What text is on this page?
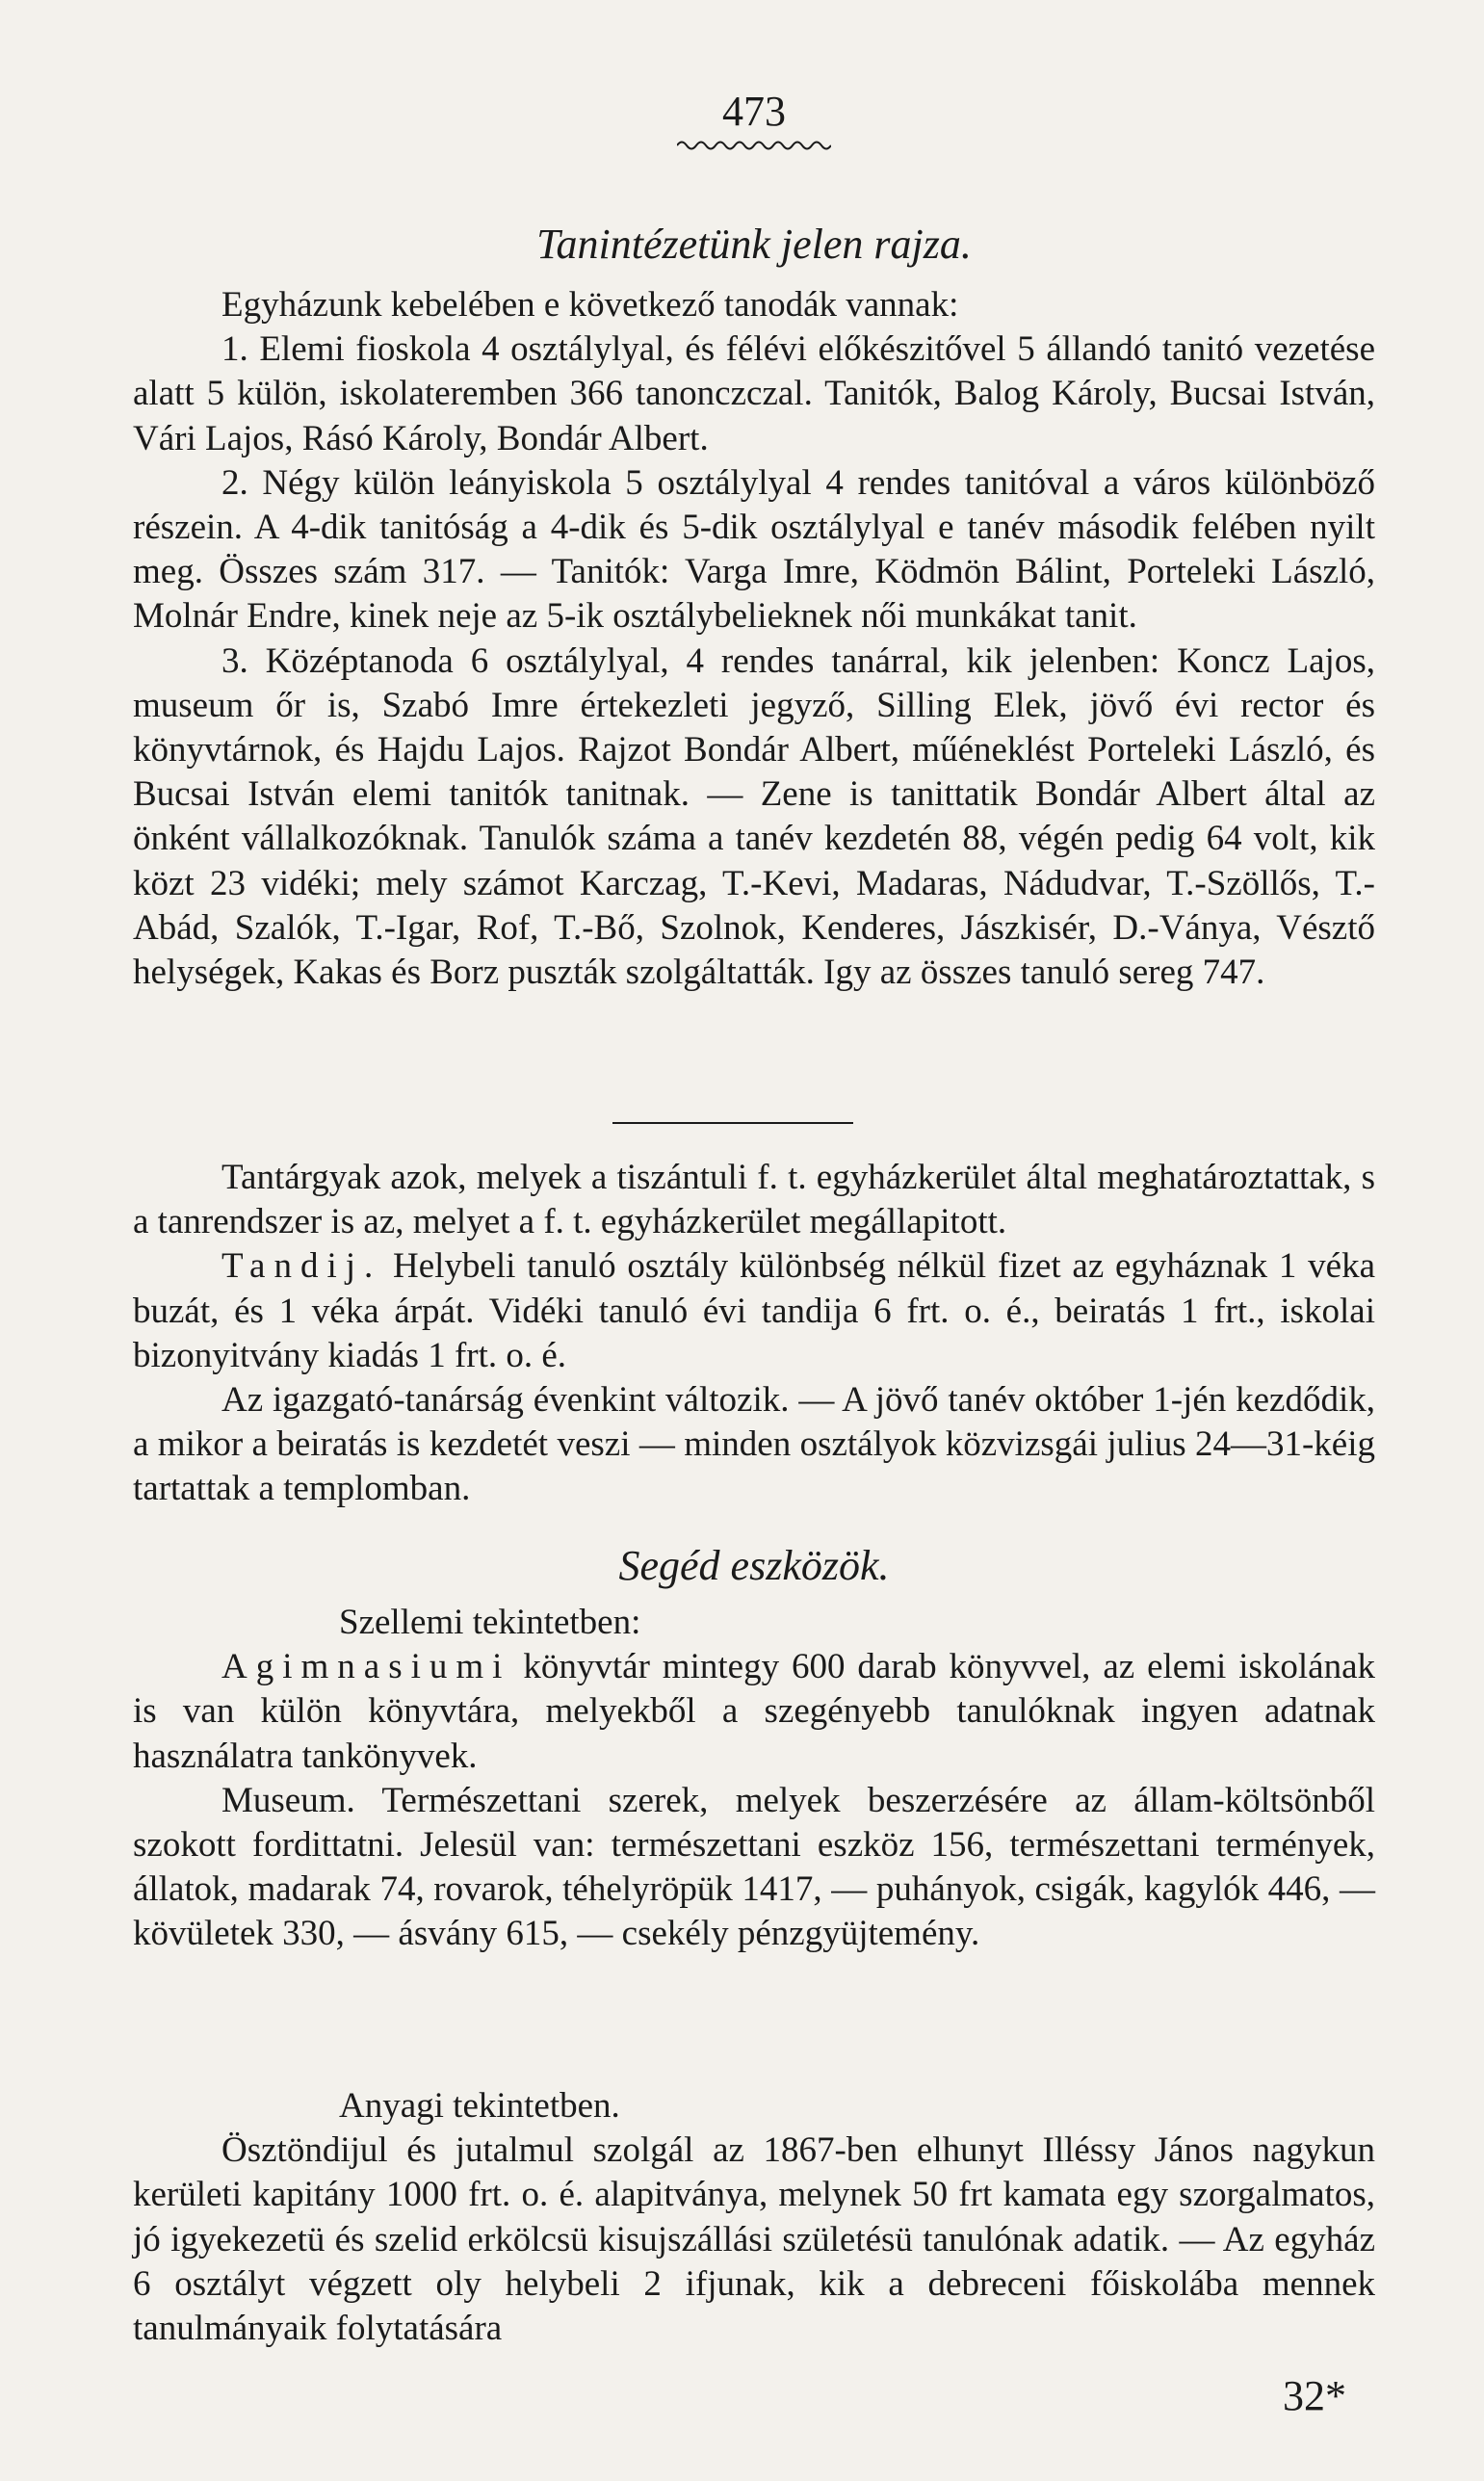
473
Tanintézetünk jelen rajza.

Egyházunk kebelében e következő tanodák vannak:

1. Elemi fioskola 4 osztálylyal, és félévi előkészitővel 5 állandó tanitó vezetése alatt 5 külön, iskolateremben 366 tanonczczal. Tanitók, Balog Károly, Bucsai István, Vári Lajos, Rásó Károly, Bondár Albert.

2. Négy külön leányiskola 5 osztálylyal 4 rendes tanitóval a város különböző részein. A 4-dik tanitóság a 4-dik és 5-dik osztálylyal e tanév második felében nyilt meg. Összes szám 317. — Tanitók: Varga Imre, Ködmön Bálint, Porteleki László, Molnár Endre, kinek neje az 5-ik osztálybelieknek női munkákat tanit.

3. Középtanoda 6 osztálylyal, 4 rendes tanárral, kik jelenben: Koncz Lajos, museum őr is, Szabó Imre értekezleti jegyző, Silling Elek, jövő évi rector és könyvtárnok, és Hajdu Lajos. Rajzot Bondár Albert, műéneklést Porteleki László, és Bucsai István elemi tanitók tanitnak. — Zene is tanittatik Bondár Albert által az önként vállalkozóknak. Tanulók száma a tanév kezdetén 88, végén pedig 64 volt, kik közt 23 vidéki; mely számot Karczag, T.-Kevi, Madaras, Nádudvar, T.-Szöllős, T.-Abád, Szalók, T.-Igar, Rof, T.-Bő, Szolnok, Kenderes, Jászkisér, D.-Ványa, Vésztő helységek, Kakas és Borz puszták szolgáltatták. Igy az összes tanuló sereg 747.

Tantárgyak azok, melyek a tiszántuli f. t. egyházkerület által meghatároztattak, s a tanrendszer is az, melyet a f. t. egyházkerület megállapitott.

Tandij. Helybeli tanuló osztály különbség nélkül fizet az egyháznak 1 véka buzát, és 1 véka árpát. Vidéki tanuló évi tandija 6 frt. o. é., beiratás 1 frt., iskolai bizonyitvány kiadás 1 frt. o. é.

Az igazgató-tanárság évenkint változik. — A jövő tanév október 1-jén kezdődik, a mikor a beiratás is kezdetét veszi — minden osztályok közvizsgái julius 24—31-kéig tartattak a templomban.

Segéd eszközök.

Szellemi tekintetben:

Agimnasiumi könyvtár mintegy 600 darab könyvvel, az elemi iskolának is van külön könyvtára, melyekből a szegényebb tanulóknak ingyen adatnak használatra tankönyvek.

Museum. Természettani szerek, melyek beszerzésére az állam-költsönből szokott fordittatni. Jelesül van: természettani eszköz 156, természettani termények, állatok, madarak 74, rovarok, téhelyröpük 1417, — puhányok, csigák, kagylók 446, — kövületek 330, — ásvány 615, — csekély pénzgyüjtemény.

Anyagi tekintetben.

Ösztöndijul és jutalmul szolgál az 1867-ben elhunyt Illéssy János nagykun kerületi kapitány 1000 frt. o. é. alapitványa, melynek 50 frt kamata egy szorgalmatos, jó igyekezetü és szelid erkölcsü kisujszállási születésü tanulónak adatik. — Az egyház 6 osztályt végzett oly helybeli 2 ifjunak, kik a debreceni főiskolába mennek tanulmányaik folytatására

32*
